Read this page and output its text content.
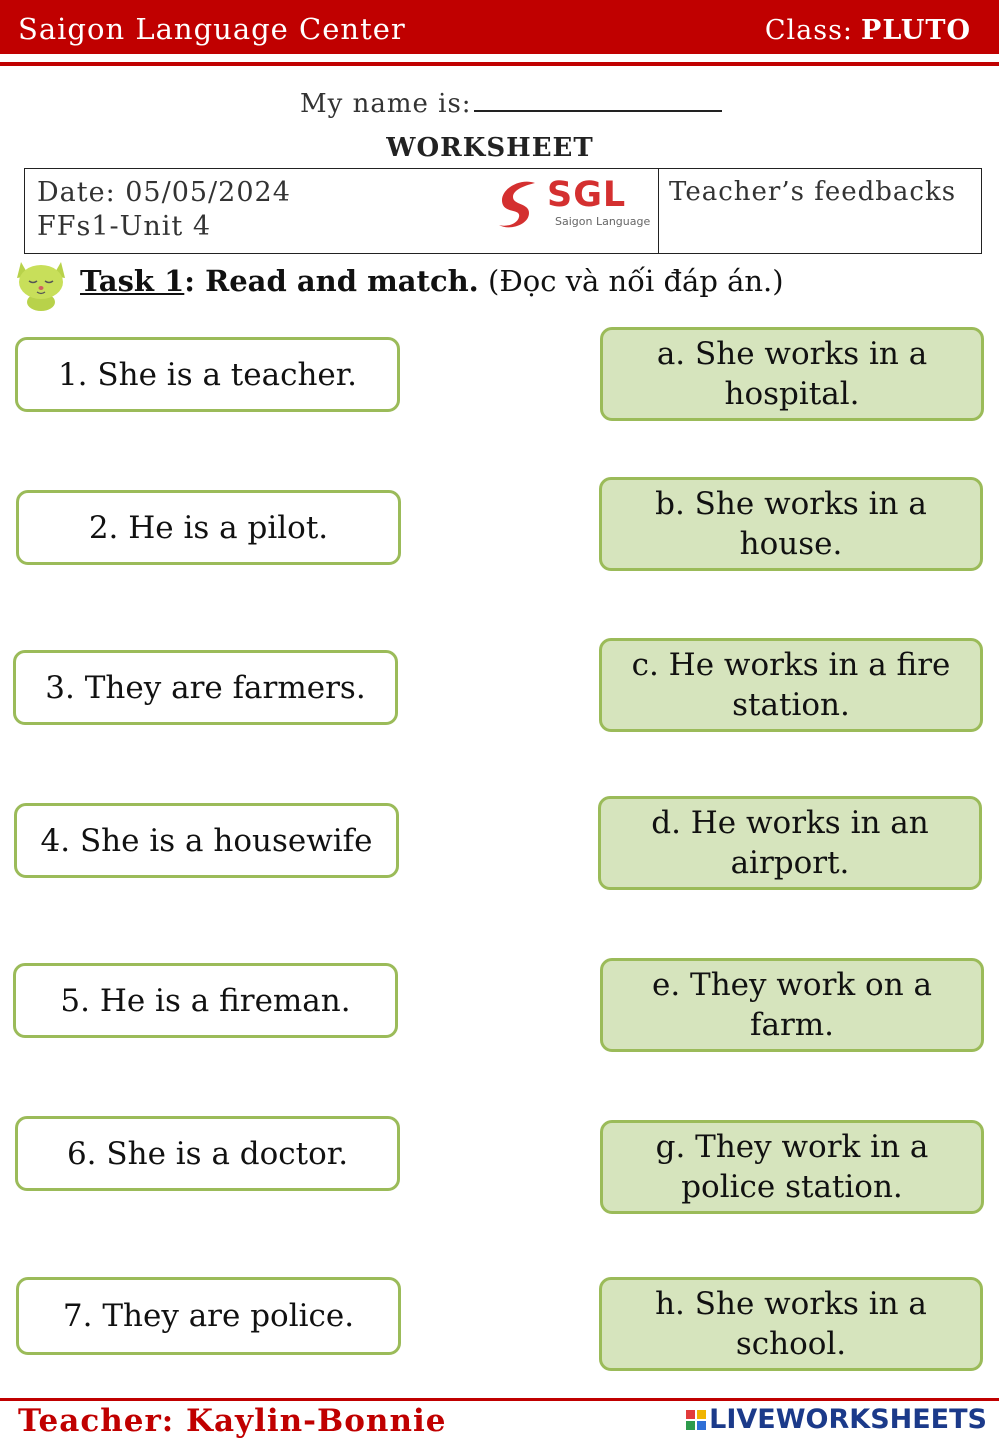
Saigon Language Center	Class: PLUTO
My name is:
WORKSHEET
Date: 05/05/2024
FFs1-Unit 4
SGL
Saigon Language
Teacher’s feedbacks
Task 1: Read and match. (Đọc và nối đáp án.)
1. She is a teacher.
2. He is a pilot.
3. They are farmers.
4. She is a housewife
5. He is a fireman.
6. She is a doctor.
7. They are police.
a. She works in a hospital.
b. She works in a house.
c. He works in a fire station.
d. He works in an airport.
e. They work on a farm.
g. They work in a police station.
h. She works in a school.
Teacher: Kaylin-Bonnie	LIVEWORKSHEETS
